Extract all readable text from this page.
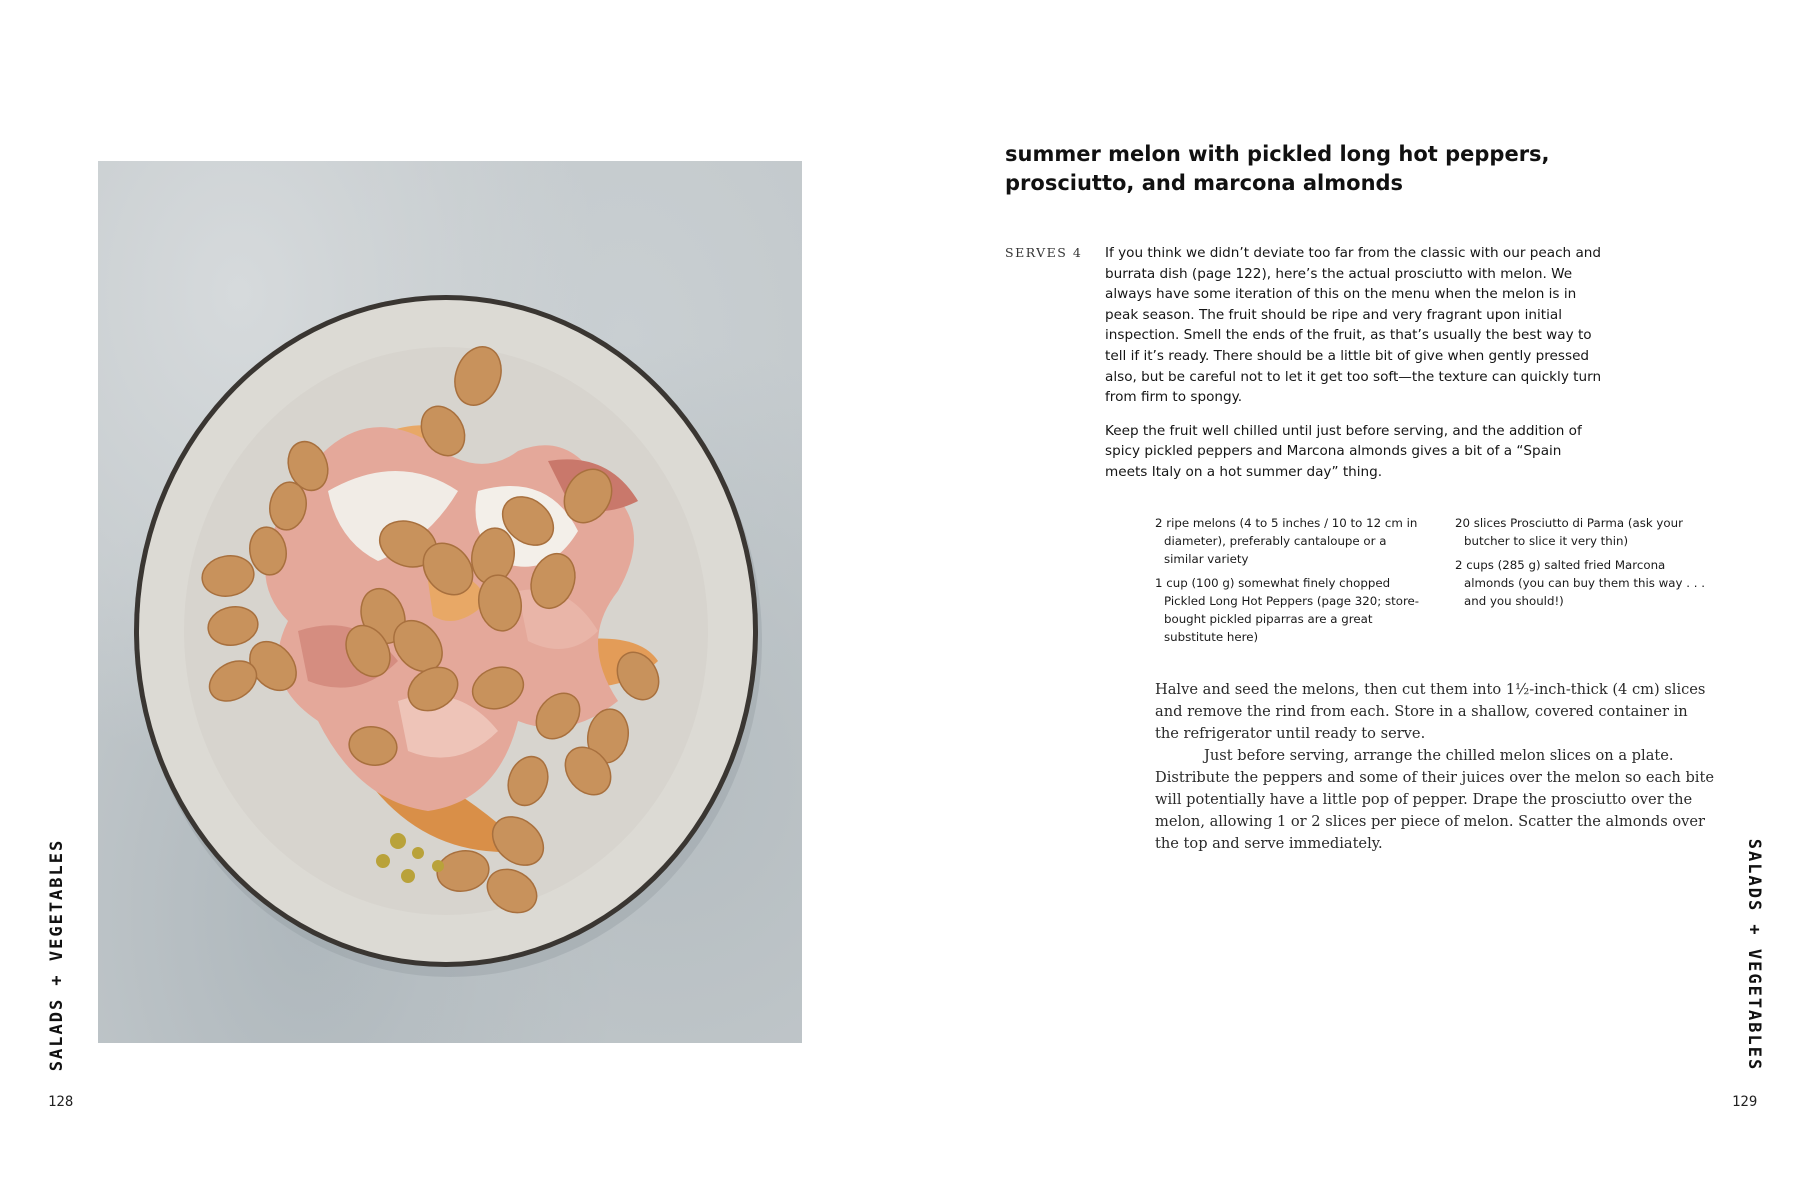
SALADS + VEGETABLES
128
summer melon with pickled long hot peppers,
prosciutto, and marcona almonds
SERVES 4 If you think we didn’t deviate too far from the classic with our peach and burrata dish (page 122), here’s the actual prosciutto with melon. We always have some iteration of this on the menu when the melon is in peak season. The fruit should be ripe and very fragrant upon initial inspection. Smell the ends of the fruit, as that’s usually the best way to tell if it’s ready. There should be a little bit of give when gently pressed also, but be careful not to let it get too soft—the texture can quickly turn from firm to spongy.

Keep the fruit well chilled until just before serving, and the addition of spicy pickled peppers and Marcona almonds gives a bit of a “Spain meets Italy on a hot summer day” thing.

2 ripe melons (4 to 5 inches / 10 to 12 cm in diameter), preferably cantaloupe or a similar variety
1 cup (100 g) somewhat finely chopped Pickled Long Hot Peppers (page 320; store-bought pickled piparras are a great substitute here)
20 slices Prosciutto di Parma (ask your butcher to slice it very thin)
2 cups (285 g) salted fried Marcona almonds (you can buy them this way . . . and you should!)

Halve and seed the melons, then cut them into 1½-inch-thick (4 cm) slices and remove the rind from each. Store in a shallow, covered container in the refrigerator until ready to serve.

Just before serving, arrange the chilled melon slices on a plate. Distribute the peppers and some of their juices over the melon so each bite will potentially have a little pop of pepper. Drape the prosciutto over the melon, allowing 1 or 2 slices per piece of melon. Scatter the almonds over the top and serve immediately.	SALADS + VEGETABLES
129
